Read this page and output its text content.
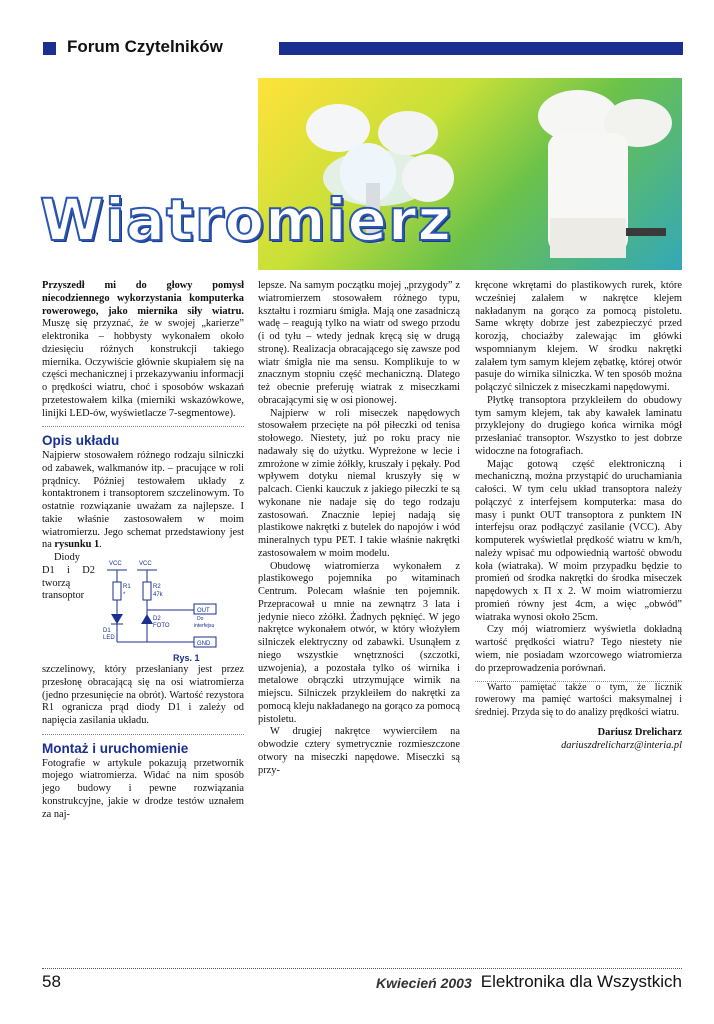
Forum Czytelników
Wiatromierz

Przyszedł mi do głowy pomysł niecodziennego wykorzystania komputerka rowerowego, jako miernika siły wiatru. Muszę się przyznać, że w swojej „karierze” elektronika – hobbysty wykonałem około dziesięciu różnych konstrukcji takiego miernika. Oczywiście głównie skupiałem się na części mechanicznej i przekazywaniu informacji o prędkości wiatru, choć i sposobów wskazań przetestowałem kilka (mierniki wskazówkowe, linijki LED-ów, wyświetlacze 7-segmentowe).

Opis układu

Najpierw stosowałem różnego rodzaju silniczki od zabawek, walkmanów itp. – pracujące w roli prądnicy. Później testowałem układy z kontaktronem i transoptorem szczelinowym. To ostatnie rozwiązanie uważam za najlepsze. I takie właśnie zastosowałem w moim wiatromierzu. Jego schemat przedstawiony jest na rysunku 1.

VCC	VCC
R1
*
R2
47k
D1
LED
D2
FOTO
OUT
Do
interfejsu
GND
Rys. 1
Diody D1 i D2 tworzą transoptor szczelinowy, który przesłaniany jest przez przesłonę obracającą się na osi wiatromierza (jedno przesunięcie na obrót). Wartość rezystora R1 ogranicza prąd diody D1 i zależy od napięcia zasilania układu.

Montaż i uruchomienie

Fotografie w artykule pokazują przetwornik mojego wiatromierza. Widać na nim sposób jego budowy i pewne rozwiązania konstrukcyjne, jakie w drodze testów uznałem za naj-

lepsze. Na samym początku mojej „przygody” z wiatromierzem stosowałem różnego typu, kształtu i rozmiaru śmigła. Mają one zasadniczą wadę – reagują tylko na wiatr od swego przodu (i od tyłu – wtedy jednak kręcą się w drugą stronę). Realizacja obracającego się zawsze pod wiatr śmigła nie ma sensu. Komplikuje to w znacznym stopniu część mechaniczną. Dlatego też obecnie preferuję wiatrak z miseczkami obracającymi się w osi pionowej.

Najpierw w roli miseczek napędowych stosowałem przecięte na pół piłeczki od tenisa stołowego. Niestety, już po roku pracy nie nadawały się do użytku. Wypreżone w lecie i zmrożone w zimie żółkły, kruszały i pękały. Pod wpływem dotyku niemal kruszyły się w palcach. Cienki kauczuk z jakiego piłeczki te są wykonane nie nadaje się do tego rodzaju zastosowań. Znacznie lepiej nadają się plastikowe nakrętki z butelek do napojów i wód mineralnych typu PET. I takie właśnie nakrętki zastosowałem w moim modelu.

Obudowę wiatromierza wykonałem z plastikowego pojemnika po witaminach Centrum. Polecam właśnie ten pojemnik. Przepracował u mnie na zewnątrz 3 lata i jedynie nieco zżółkł. Żadnych pęknięć. W jego nakrętce wykonałem otwór, w który włożyłem silniczek elektryczny od zabawki. Usunąłem z niego wszystkie wnętrzności (szczotki, uzwojenia), a pozostała tylko oś wirnika i metalowe obrączki utrzymujące wirnik na miejscu. Silniczek przykleiłem do nakrętki za pomocą kleju nakładanego na gorąco za pomocą pistoletu.

W drugiej nakrętce wywierciłem na obwodzie cztery symetrycznie rozmieszczone otwory na miseczki napędowe. Miseczki są przy-

kręcone wkrętami do plastikowych rurek, które wcześniej zalałem w nakrętce klejem nakładanym na gorąco za pomocą pistoletu. Same wkręty dobrze jest zabezpieczyć przed korozją, chociażby zalewając im główki wspomnianym klejem. W środku nakrętki zalałem tym samym klejem zębatkę, której otwór pasuje do wirnika silniczka. W ten sposób można połączyć silniczek z miseczkami napędowymi.

Płytkę transoptora przykleiłem do obudowy tym samym klejem, tak aby kawałek laminatu przyklejony do drugiego końca wirnika mógł przesłaniać transoptor. Wszystko to jest dobrze widoczne na fotografiach.

Mając gotową część elektroniczną i mechaniczną, można przystąpić do uruchamiania całości. W tym celu układ transoptora należy połączyć z interfejsem komputerka: masa do masy i punkt OUT transoptora z punktem IN interfejsu oraz podłączyć zasilanie (VCC). Aby komputerek wyświetlał prędkość wiatru w km/h, należy wpisać mu odpowiednią wartość obwodu koła (wiatraka). W moim przypadku będzie to promień od środka nakrętki do środka miseczek napędowych x Π x 2. W moim wiatromierzu promień równy jest 4cm, a więc „obwód” wiatraka wynosi około 25cm.

Czy mój wiatromierz wyświetla dokładną wartość prędkości wiatru? Tego niestety nie wiem, nie posiadam wzorcowego wiatromierza do przeprowadzenia porównań.

Warto pamiętać także o tym, że licznik rowerowy ma pamięć wartości maksymalnej i średniej. Przyda się to do analizy prędkości wiatru.

Dariusz Drelicharz
dariuszdrelicharz@interia.pl
58	Kwiecień 2003 Elektronika dla Wszystkich
